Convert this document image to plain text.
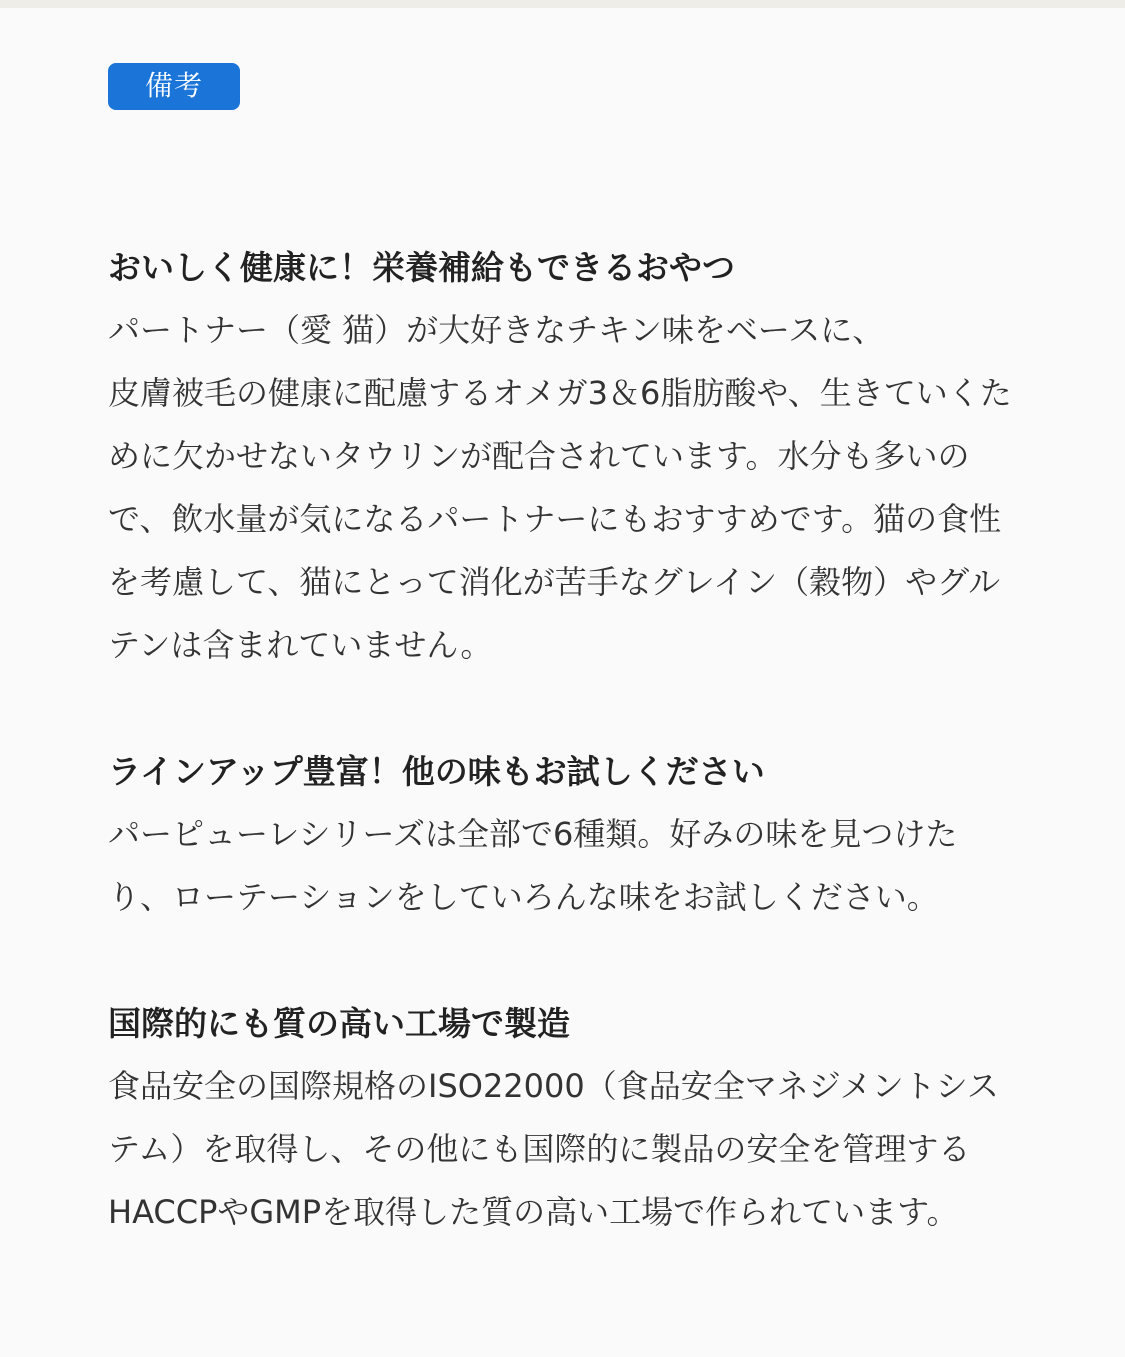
備考
おいしく健康に！栄養補給もできるおやつ

パートナー（愛 猫）が大好きなチキン味をベースに、
皮膚被毛の健康に配慮するオメガ3＆6脂肪酸や、生きていくために欠かせないタウリンが配合されています。水分も多いので、飲水量が気になるパートナーにもおすすめです。猫の食性を考慮して、猫にとって消化が苦手なグレイン（穀物）やグルテンは含まれていません。

ラインアップ豊富！他の味もお試しください

パーピューレシリーズは全部で6種類。好みの味を見つけたり、ローテーションをしていろんな味をお試しください。

国際的にも質の高い工場で製造

食品安全の国際規格のISO22000（食品安全マネジメントシステム）を取得し、その他にも国際的に製品の安全を管理するHACCPやGMPを取得した質の高い工場で作られています。
